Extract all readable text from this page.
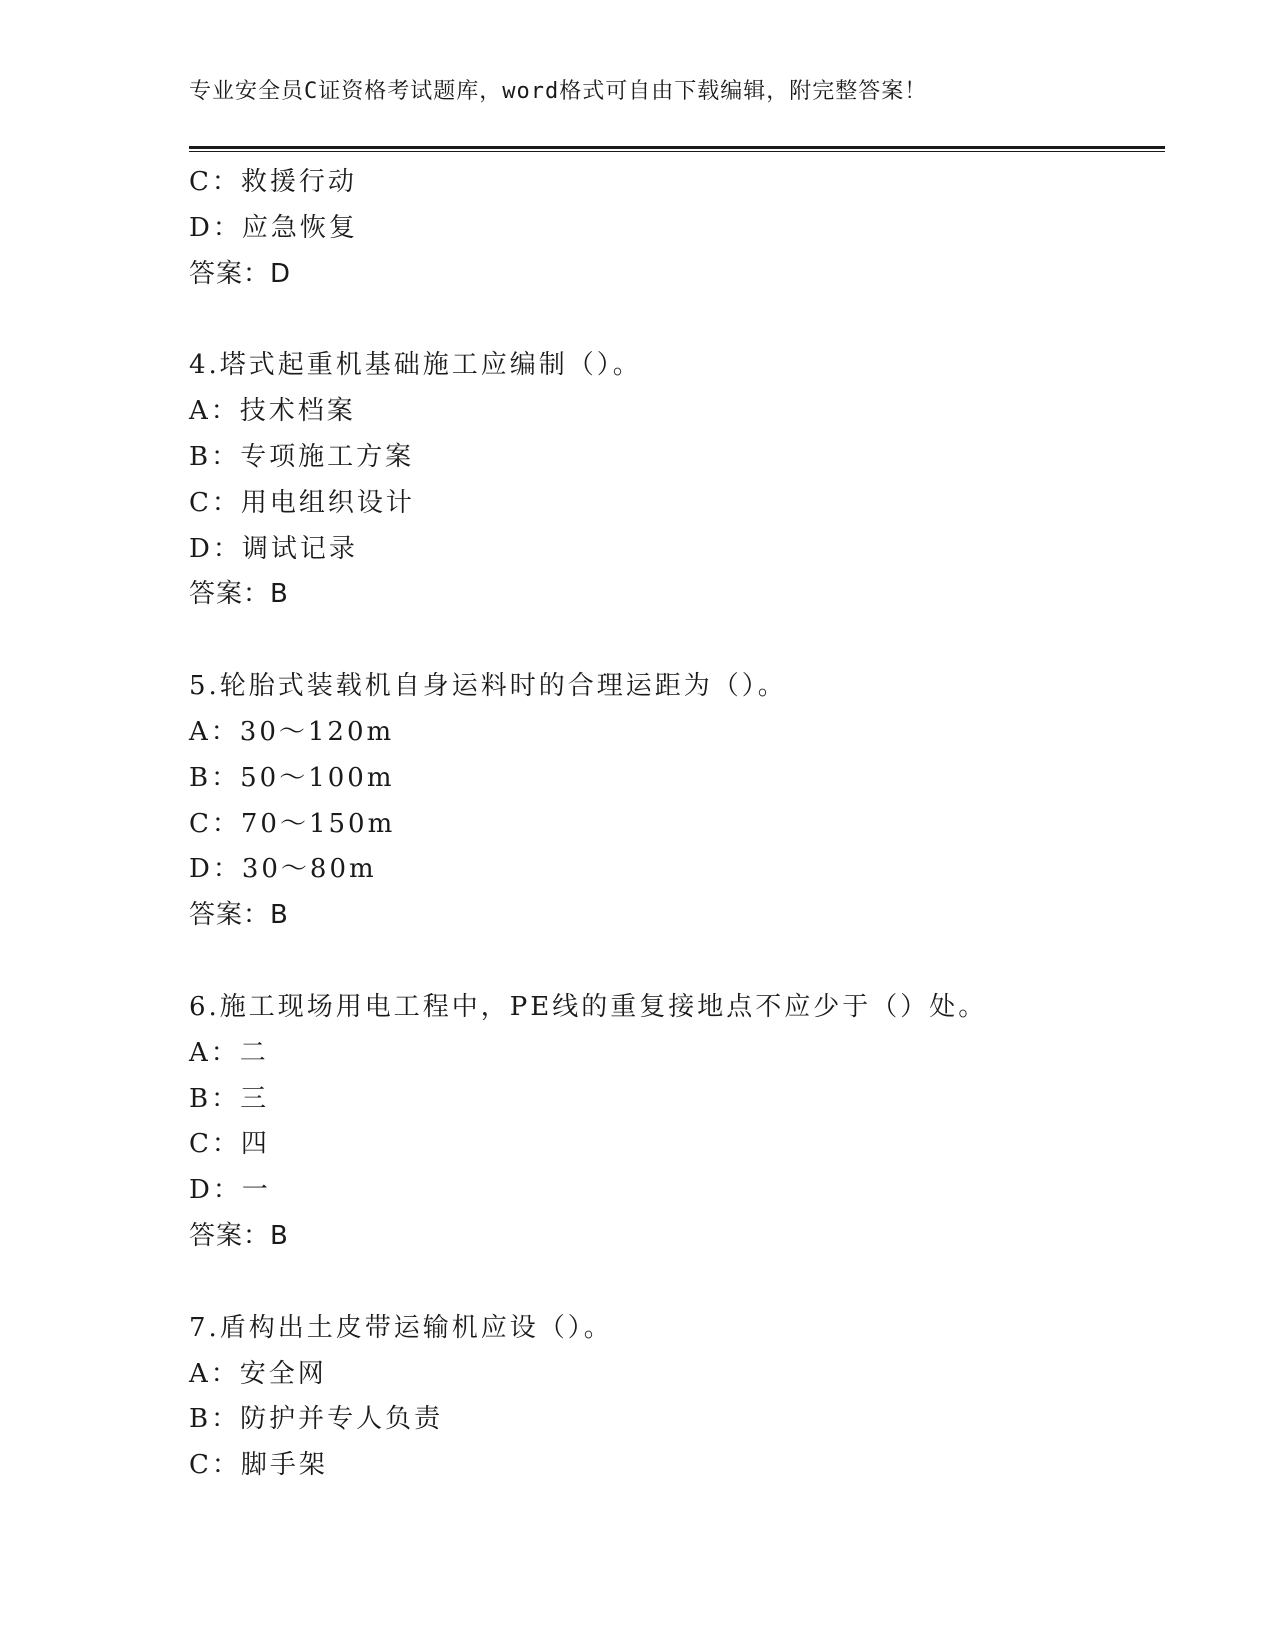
专业安全员C证资格考试题库，word格式可自由下载编辑，附完整答案！
C：救援行动
D：应急恢复
答案：D
4.塔式起重机基础施工应编制（）。
A：技术档案
B：专项施工方案
C：用电组织设计
D：调试记录
答案：B
5.轮胎式装载机自身运料时的合理运距为（）。
A：30～120m
B：50～100m
C：70～150m
D：30～80m
答案：B
6.施工现场用电工程中，PE线的重复接地点不应少于（）处。
A：二
B：三
C：四
D：一
答案：B
7.盾构出土皮带运输机应设（）。
A：安全网
B：防护并专人负责
C：脚手架
